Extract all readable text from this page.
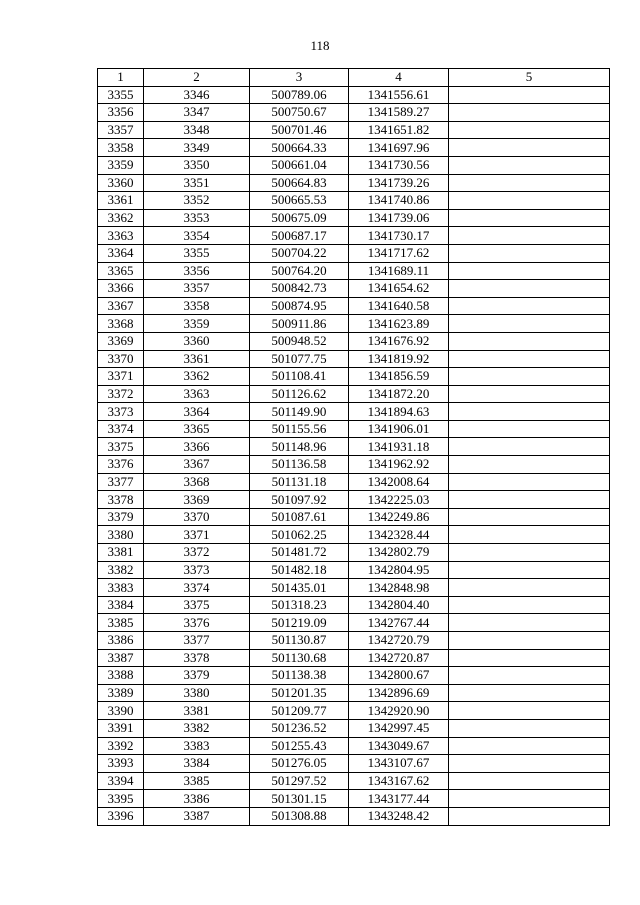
118
1	2	3	4	5
3355	3346	500789.06	1341556.61	
3356	3347	500750.67	1341589.27	
3357	3348	500701.46	1341651.82	
3358	3349	500664.33	1341697.96	
3359	3350	500661.04	1341730.56	
3360	3351	500664.83	1341739.26	
3361	3352	500665.53	1341740.86	
3362	3353	500675.09	1341739.06	
3363	3354	500687.17	1341730.17	
3364	3355	500704.22	1341717.62	
3365	3356	500764.20	1341689.11	
3366	3357	500842.73	1341654.62	
3367	3358	500874.95	1341640.58	
3368	3359	500911.86	1341623.89	
3369	3360	500948.52	1341676.92	
3370	3361	501077.75	1341819.92	
3371	3362	501108.41	1341856.59	
3372	3363	501126.62	1341872.20	
3373	3364	501149.90	1341894.63	
3374	3365	501155.56	1341906.01	
3375	3366	501148.96	1341931.18	
3376	3367	501136.58	1341962.92	
3377	3368	501131.18	1342008.64	
3378	3369	501097.92	1342225.03	
3379	3370	501087.61	1342249.86	
3380	3371	501062.25	1342328.44	
3381	3372	501481.72	1342802.79	
3382	3373	501482.18	1342804.95	
3383	3374	501435.01	1342848.98	
3384	3375	501318.23	1342804.40	
3385	3376	501219.09	1342767.44	
3386	3377	501130.87	1342720.79	
3387	3378	501130.68	1342720.87	
3388	3379	501138.38	1342800.67	
3389	3380	501201.35	1342896.69	
3390	3381	501209.77	1342920.90	
3391	3382	501236.52	1342997.45	
3392	3383	501255.43	1343049.67	
3393	3384	501276.05	1343107.67	
3394	3385	501297.52	1343167.62	
3395	3386	501301.15	1343177.44	
3396	3387	501308.88	1343248.42	
